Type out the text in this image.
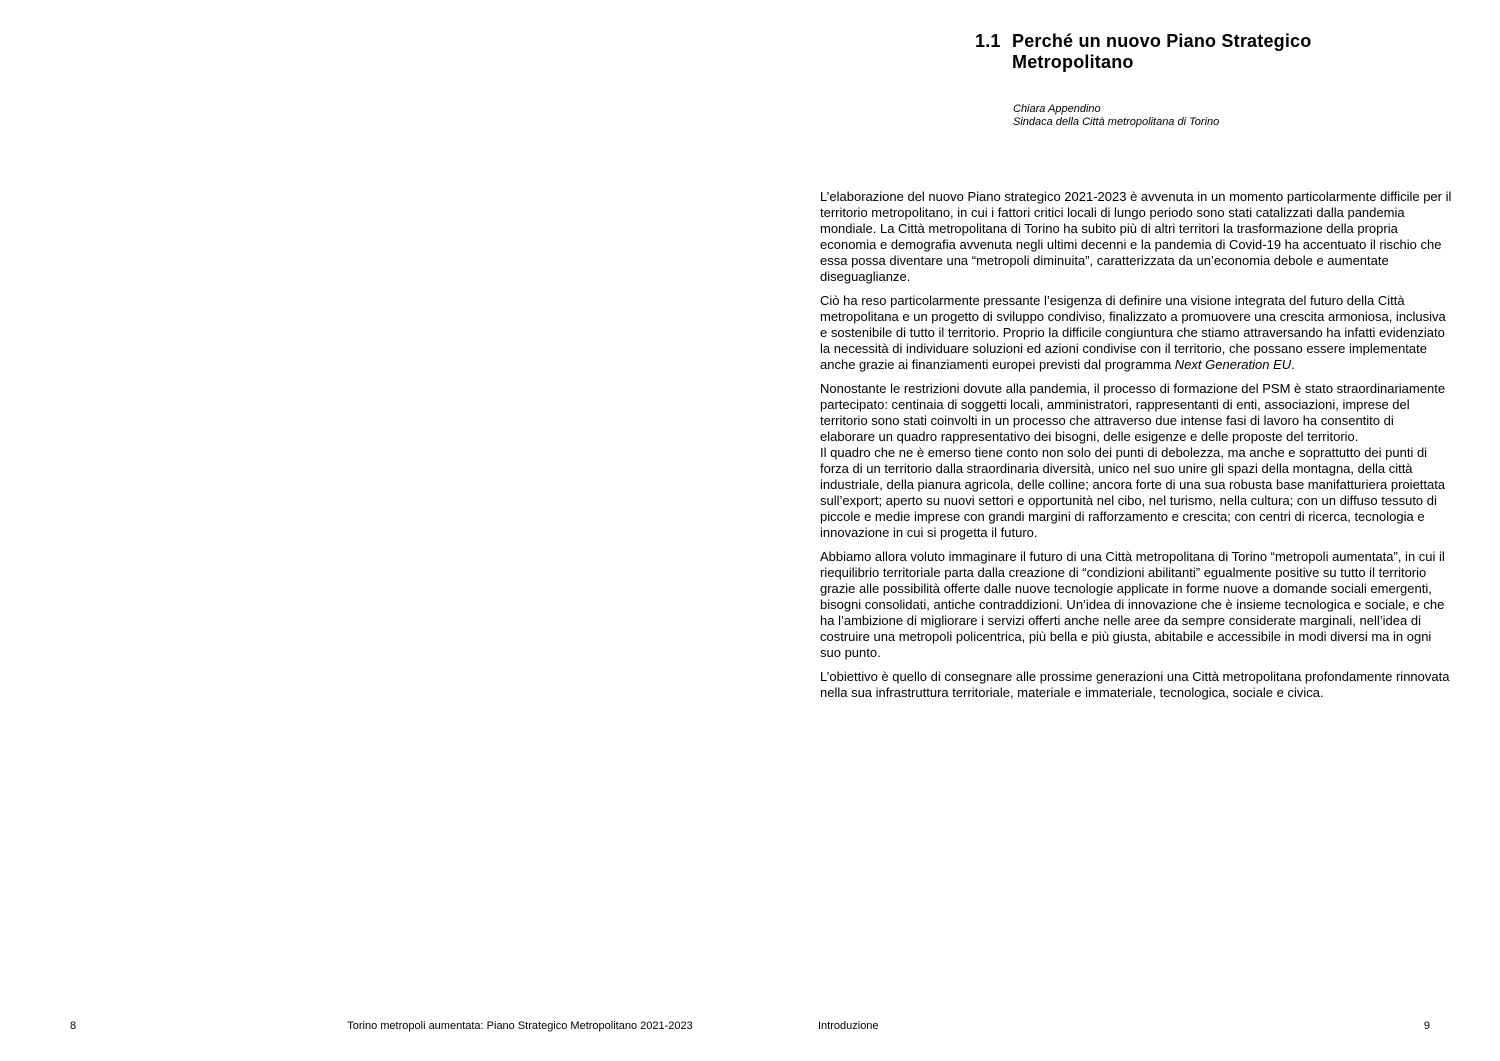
8	Torino metropoli aumentata: Piano Strategico Metropolitano 2021-2023
1.1 Perché un nuovo Piano Strategico Metropolitano
Chiara Appendino
Sindaca della Città metropolitana di Torino

L’elaborazione del nuovo Piano strategico 2021-2023 è avvenuta in un momento particolarmente difficile per il territorio metropolitano, in cui i fattori critici locali di lungo periodo sono stati catalizzati dalla pandemia mondiale. La Città metropolitana di Torino ha subito più di altri territori la trasformazione della propria economia e demografia avvenuta negli ultimi decenni e la pandemia di Covid-19 ha accentuato il rischio che essa possa diventare una “metropoli diminuita”, caratterizzata da un’economia debole e aumentate diseguaglianze.

Ciò ha reso particolarmente pressante l’esigenza di definire una visione integrata del futuro della Città metropolitana e un progetto di sviluppo condiviso, finalizzato a promuovere una crescita armoniosa, inclusiva e sostenibile di tutto il territorio. Proprio la difficile congiuntura che stiamo attraversando ha infatti evidenziato la necessità di individuare soluzioni ed azioni condivise con il territorio, che possano essere implementate anche grazie ai finanziamenti europei previsti dal programma Next Generation EU.

Nonostante le restrizioni dovute alla pandemia, il processo di formazione del PSM è stato straordinariamente partecipato: centinaia di soggetti locali, amministratori, rappresentanti di enti, associazioni, imprese del territorio sono stati coinvolti in un processo che attraverso due intense fasi di lavoro ha consentito di elaborare un quadro rappresentativo dei bisogni, delle esigenze e delle proposte del territorio.
Il quadro che ne è emerso tiene conto non solo dei punti di debolezza, ma anche e soprattutto dei punti di forza di un territorio dalla straordinaria diversità, unico nel suo unire gli spazi della montagna, della città industriale, della pianura agricola, delle colline; ancora forte di una sua robusta base manifatturiera proiettata sull’export; aperto su nuovi settori e opportunità nel cibo, nel turismo, nella cultura; con un diffuso tessuto di piccole e medie imprese con grandi margini di rafforzamento e crescita; con centri di ricerca, tecnologia e innovazione in cui si progetta il futuro.

Abbiamo allora voluto immaginare il futuro di una Città metropolitana di Torino “metropoli aumentata”, in cui il riequilibrio territoriale parta dalla creazione di “condizioni abilitanti” egualmente positive su tutto il territorio grazie alle possibilità offerte dalle nuove tecnologie applicate in forme nuove a domande sociali emergenti, bisogni consolidati, antiche contraddizioni. Un’idea di innovazione che è insieme tecnologica e sociale, e che ha l’ambizione di migliorare i servizi offerti anche nelle aree da sempre considerate marginali, nell’idea di costruire una metropoli policentrica, più bella e più giusta, abitabile e accessibile in modi diversi ma in ogni suo punto.

L’obiettivo è quello di consegnare alle prossime generazioni una Città metropolitana profondamente rinnovata nella sua infrastruttura territoriale, materiale e immateriale, tecnologica, sociale e civica.

Introduzione	9
